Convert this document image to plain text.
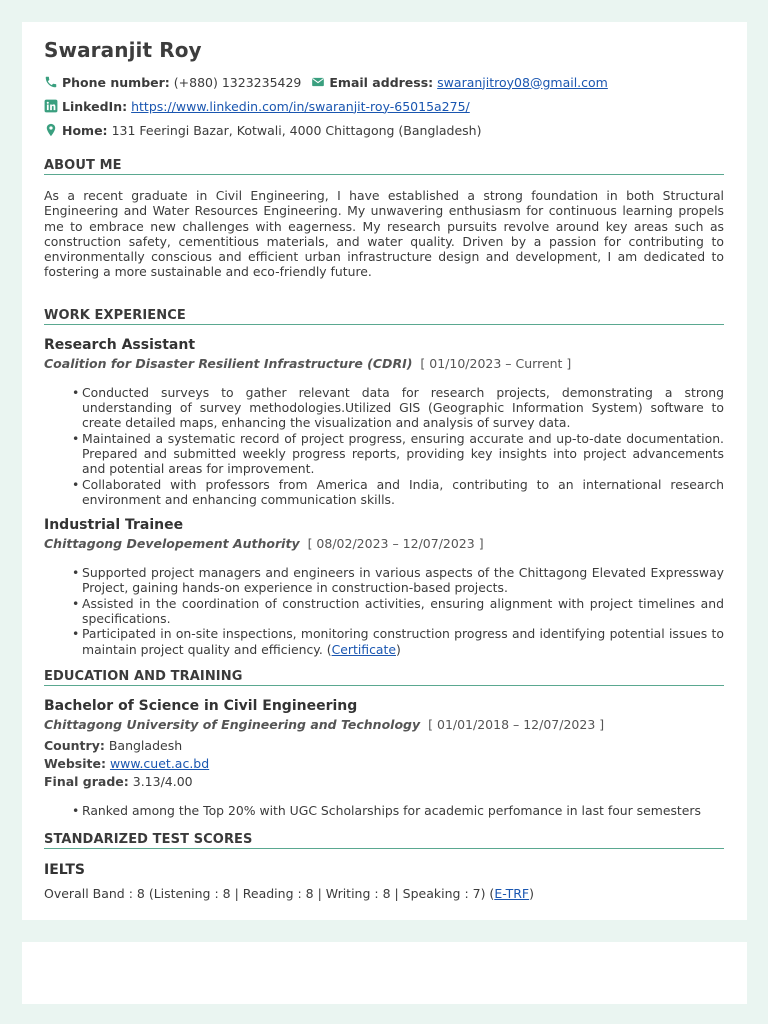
Swaranjit Roy
Phone number: (+880) 1323235429 Email address: swaranjitroy08@gmail.com
LinkedIn: https://www.linkedin.com/in/swaranjit-roy-65015a275/
Home: 131 Feeringi Bazar, Kotwali, 4000 Chittagong (Bangladesh)
ABOUT ME
As a recent graduate in Civil Engineering, I have established a strong foundation in both Structural Engineering and Water Resources Engineering. My unwavering enthusiasm for continuous learning propels me to embrace new challenges with eagerness. My research pursuits revolve around key areas such as construction safety, cementitious materials, and water quality. Driven by a passion for contributing to environmentally conscious and efficient urban infrastructure design and development, I am dedicated to fostering a more sustainable and eco-friendly future.
WORK EXPERIENCE
Research Assistant
Coalition for Disaster Resilient Infrastructure (CDRI) [ 01/10/2023 – Current ]
• Conducted surveys to gather relevant data for research projects, demonstrating a strong understanding of survey methodologies.Utilized GIS (Geographic Information System) software to create detailed maps, enhancing the visualization and analysis of survey data.
• Maintained a systematic record of project progress, ensuring accurate and up-to-date documentation. Prepared and submitted weekly progress reports, providing key insights into project advancements and potential areas for improvement.
• Collaborated with professors from America and India, contributing to an international research environment and enhancing communication skills.
Industrial Trainee
Chittagong Developement Authority [ 08/02/2023 – 12/07/2023 ]
• Supported project managers and engineers in various aspects of the Chittagong Elevated Expressway Project, gaining hands-on experience in construction-based projects.
• Assisted in the coordination of construction activities, ensuring alignment with project timelines and specifications.
• Participated in on-site inspections, monitoring construction progress and identifying potential issues to maintain project quality and efficiency. (Certificate)
EDUCATION AND TRAINING
Bachelor of Science in Civil Engineering
Chittagong University of Engineering and Technology [ 01/01/2018 – 12/07/2023 ]
Country: Bangladesh
Website: www.cuet.ac.bd
Final grade: 3.13/4.00
• Ranked among the Top 20% with UGC Scholarships for academic perfomance in last four semesters
STANDARIZED TEST SCORES
IELTS
Overall Band : 8 (Listening : 8 | Reading : 8 | Writing : 8 | Speaking : 7) (E-TRF)
